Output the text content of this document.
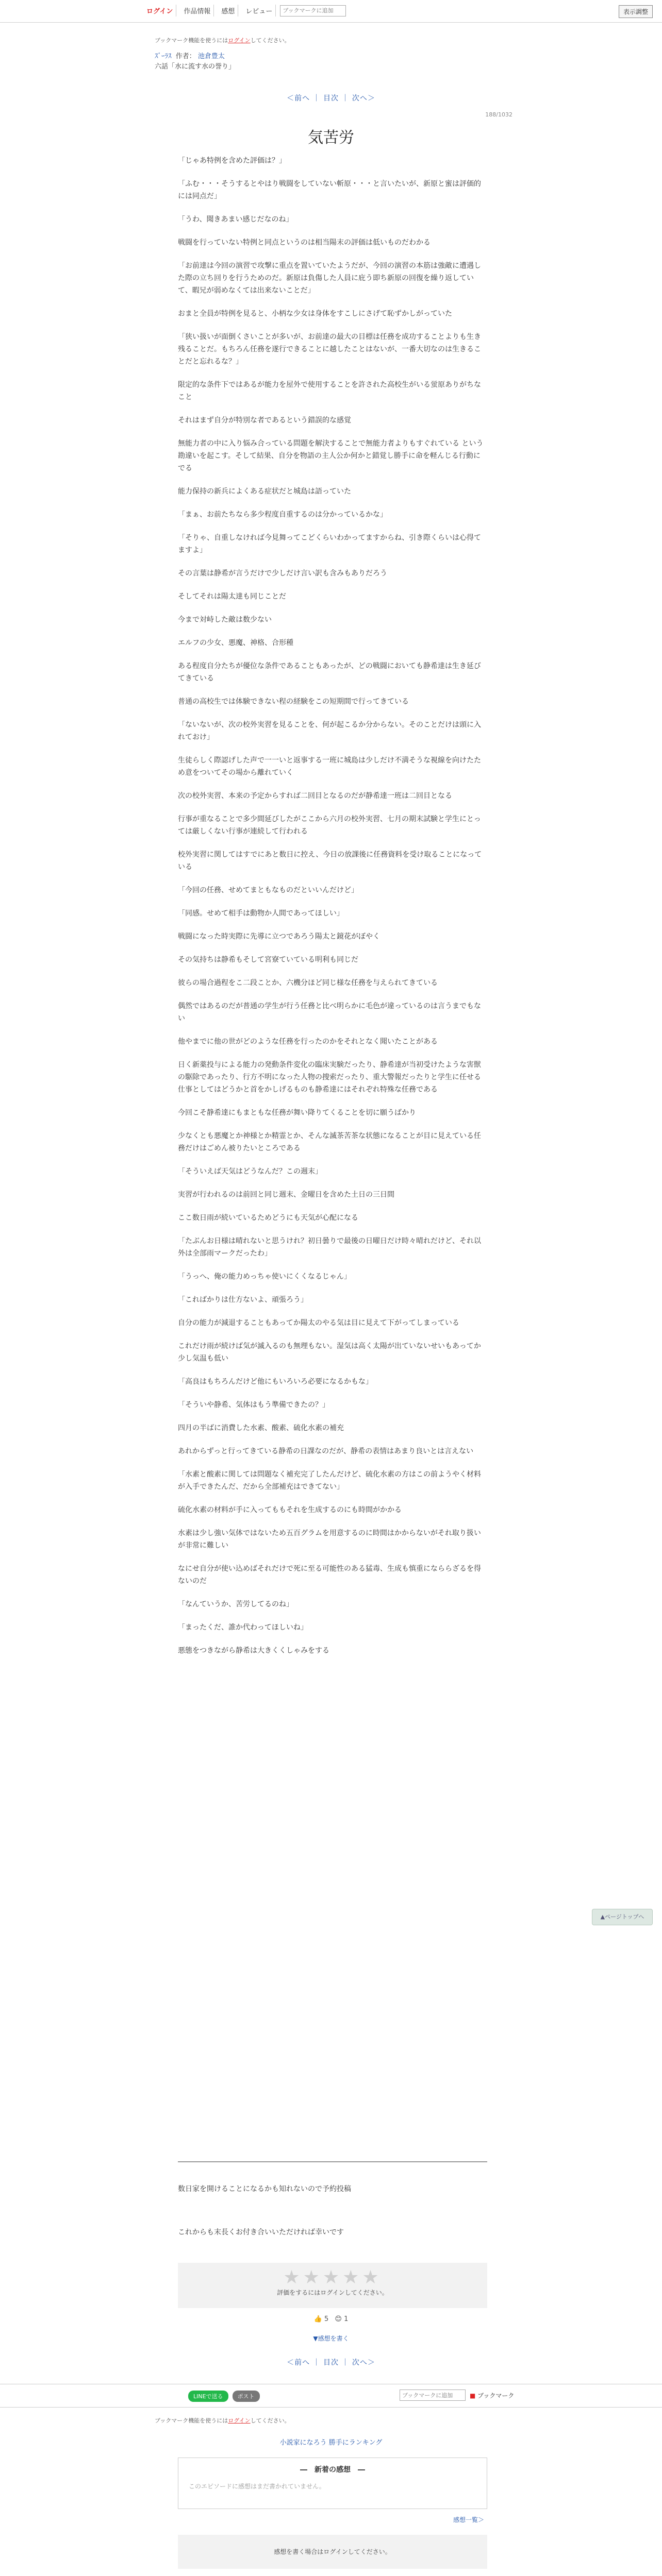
ログイン	作品情報	感想	レビュー
ブックマークに追加	表示調整
ブックマーク機能を使うにはログインしてください。
ｽﾞｰﾗｽ 作者： 池倉豊太
六話「水に流す水の誉り」
＜前へ ｜ 目次 ｜ 次へ＞
188/1032
気苦労

「じゃあ特例を含めた評価は？」

「ふむ・・・そうするとやはり戦闘をしていない斬原・・・と言いたいが、新原と蜜は評価的には同点だ」

「うわ、聞きあまい感じだなのね」

戦闘を行っていない特例と同点というのは相当陽末の評価は低いものだわかる

「お前達は今回の演習で攻撃に重点を置いていたようだが、今回の演習の本筋は強敵に遭遇した際の立ち回りを行うためのだ。新原は負傷した人員に庇う即ち新原の回復を繰り返していて、暇兄が弱めなくては出来ないことだ」

おまと全員が特例を見ると、小柄な少女は身体をすこしにさげて恥ずかしがっていた

「狭い扱いが面倒くさいことが多いが、お前達の最大の目標は任務を成功することよりも生き残ることだ。もちろん任務を遂行できることに越したことはないが、一番大切なのは生きることだと忘れるな？」

限定的な条件下ではあるが能力を屋外で使用することを許された高校生がいる蛍原ありがちなこと

それはまず自分が特別な者であるという錯誤的な感覚

無能力者の中に入り悩み合っている問題を解決することで無能力者よりもすぐれている という勘違いを起こす。そして結果、自分を物語の主人公か何かと錯覚し勝手に命を軽んじる行動にでる

能力保持の新兵によくある症状だと城島は語っていた

「まぁ、お前たちなら多少程度自重するのは分かっているかな」

「そりゃ、自重しなければ今見舞ってこどくらいわかってますからね、引き際くらいは心得てますよ」

その言葉は静希が言うだけで少しだけ言い訳も含みもありだろう

そしてそれは陽太達も同じことだ

今まで対峙した敵は数少ない

エルフの少女、悪魔、神格、合形種

ある程度自分たちが優位な条件であることもあったが、どの戦闘においても静希達は生き延びてきている

普通の高校生では体験できない程の経験をこの短期間で行ってきている

「ないないが、次の校外実習を見ることを、何が起こるか分からない。そのことだけは頭に入れておけ」

生徒らしく際認げした声で一一いと返事する一班に城島は少しだけ不満そうな視線を向けたため意をついてその場から離れていく

次の校外実習、本来の予定からすれば二回目となるのだが静希達一班は二回目となる

行事が重なることで多少間延びしたがここから六月の校外実習、七月の期末試験と学生にとっては厳しくない行事が連続して行われる

校外実習に関してはすでにあと数日に控え、今日の放課後に任務資料を受け取ることになっている

「今回の任務、せめてまともなものだといいんだけど」

「同感。せめて相手は動物か人間であってほしい」

戦闘になった時実際に先導に立つであろう陽太と鏡花がぼやく

その気持ちは静希もそして宮寮ていている明利も同じだ

彼らの場合過程をこ二段ことか、六機分ほど同じ様な任務を与えられてきている

偶然ではあるのだが普通の学生が行う任務と比べ明らかに毛色が違っているのは言うまでもない

他やまでに他の世がどのような任務を行ったのかをそれとなく聞いたことがある

日く新薬投与による能力の発動条件変化の臨床実験だったり、静希達が当初受けたような害獣の駆除であったり、行方不明になった人物の捜索だったり、重大警報だったりと学生に任せる仕事としてはどうかと首をかしげるものも静希達にはそれぞれ特殊な任務である

今回こそ静希達にもまともな任務が舞い降りてくることを切に願うばかり

少なくとも悪魔とか神様とか精霊とか、そんな滅茶苦茶な状態になることが目に見えている任務だけはごめん被りたいところである

「そういえば天気はどうなんだ？この週末」

実習が行われるのは前回と同じ週末、金曜日を含めた土日の三日間

ここ数日雨が続いているためどうにも天気が心配になる

「たぶんお日様は晴れないと思うけれ？初日曇りで最後の日曜日だけ時々晴れだけど、それ以外は全部雨マークだったわ」

「うっへ、俺の能力めっちゃ使いにくくなるじゃん」

「こればかりは仕方ないよ、頑張ろう」

自分の能力が減退することもあってか陽太のやる気は目に見えて下がってしまっている

これだけ雨が続けば気が滅入るのも無理もない。湿気は高く太陽が出ていないせいもあってか少し気温も低い

「高良はもちろんだけど他にもいろいろ必要になるかもな」

「そういや静希、気体はもう準備できたの？」

四月の半ばに消費した水素、酸素、硫化水素の補充

あれからずっと行ってきている静希の日課なのだが、静希の表情はあまり良いとは言えない

「水素と酸素に関しては問題なく補充完了したんだけど、硫化水素の方はこの前ようやく材料が入手できたんだ、だから全部補充はできてない」

硫化水素の材料が手に入ってももそれを生成するのにも時間がかかる

水素は少し強い気体ではないため五百グラムを用意するのに時間はかからないがそれ取り扱いが非常に難しい

なにせ自分が使い込めばそれだけで死に至る可能性のある猛毒、生成も慎重になららざるを得ないのだ

「なんていうか、苦労してるのね」

「まったくだ、誰か代わってほしいね」

悪態をつきながら静希は大きくくしゃみをする

数日家を開けることになるかも知れないので予約投稿
これからも末長くお付き合いいただければ幸いです
★★★★★
評価をするにはログインしてください。
👍 5 😊 1
▼感想を書く
＜前へ ｜ 目次 ｜ 次へ＞
LINEで送る	ポスト
ブックマークに追加	■ ブックマーク
ブックマーク機能を使うにはログインしてください。
小説家になろう 勝手にランキング
―　新着の感想　―
このエピソードに感想はまだ書かれていません。
感想一覧＞
感想を書く場合はログインしてください。
▲ページトップへ
